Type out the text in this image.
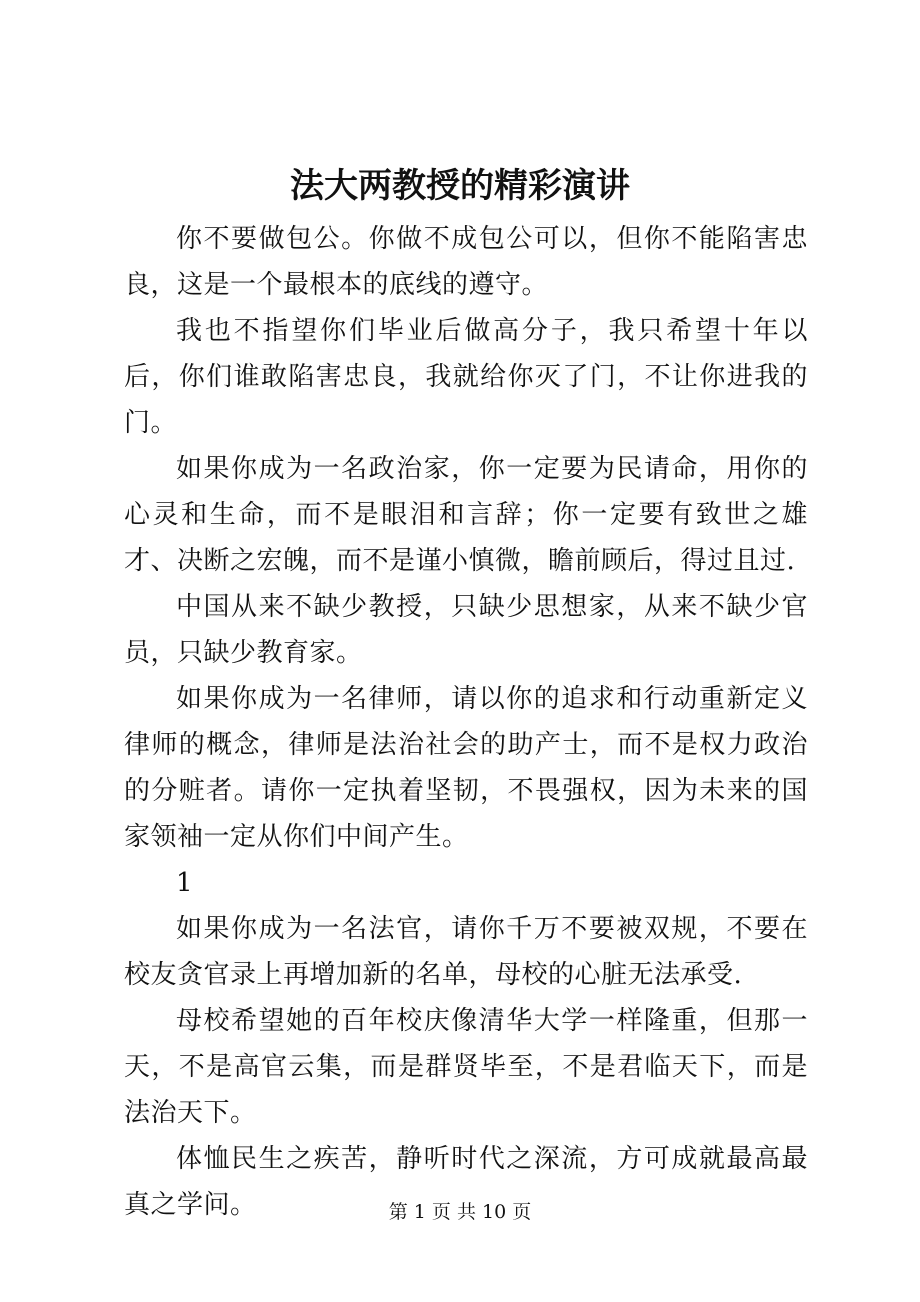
法大两教授的精彩演讲

你不要做包公。你做不成包公可以，但你不能陷害忠良，这是一个最根本的底线的遵守。

我也不指望你们毕业后做高分子，我只希望十年以后，你们谁敢陷害忠良，我就给你灭了门，不让你进我的门。

如果你成为一名政治家，你一定要为民请命，用你的心灵和生命，而不是眼泪和言辞；你一定要有致世之雄才、决断之宏魄，而不是谨小慎微，瞻前顾后，得过且过.

中国从来不缺少教授，只缺少思想家，从来不缺少官员，只缺少教育家。

如果你成为一名律师，请以你的追求和行动重新定义律师的概念，律师是法治社会的助产士，而不是权力政治的分赃者。请你一定执着坚韧，不畏强权，因为未来的国家领袖一定从你们中间产生。

1

如果你成为一名法官，请你千万不要被双规，不要在校友贪官录上再增加新的名单，母校的心脏无法承受.

母校希望她的百年校庆像清华大学一样隆重，但那一天，不是高官云集，而是群贤毕至，不是君临天下，而是法治天下。

体恤民生之疾苦，静听时代之深流，方可成就最高最真之学问。	第 1 页 共 10 页
